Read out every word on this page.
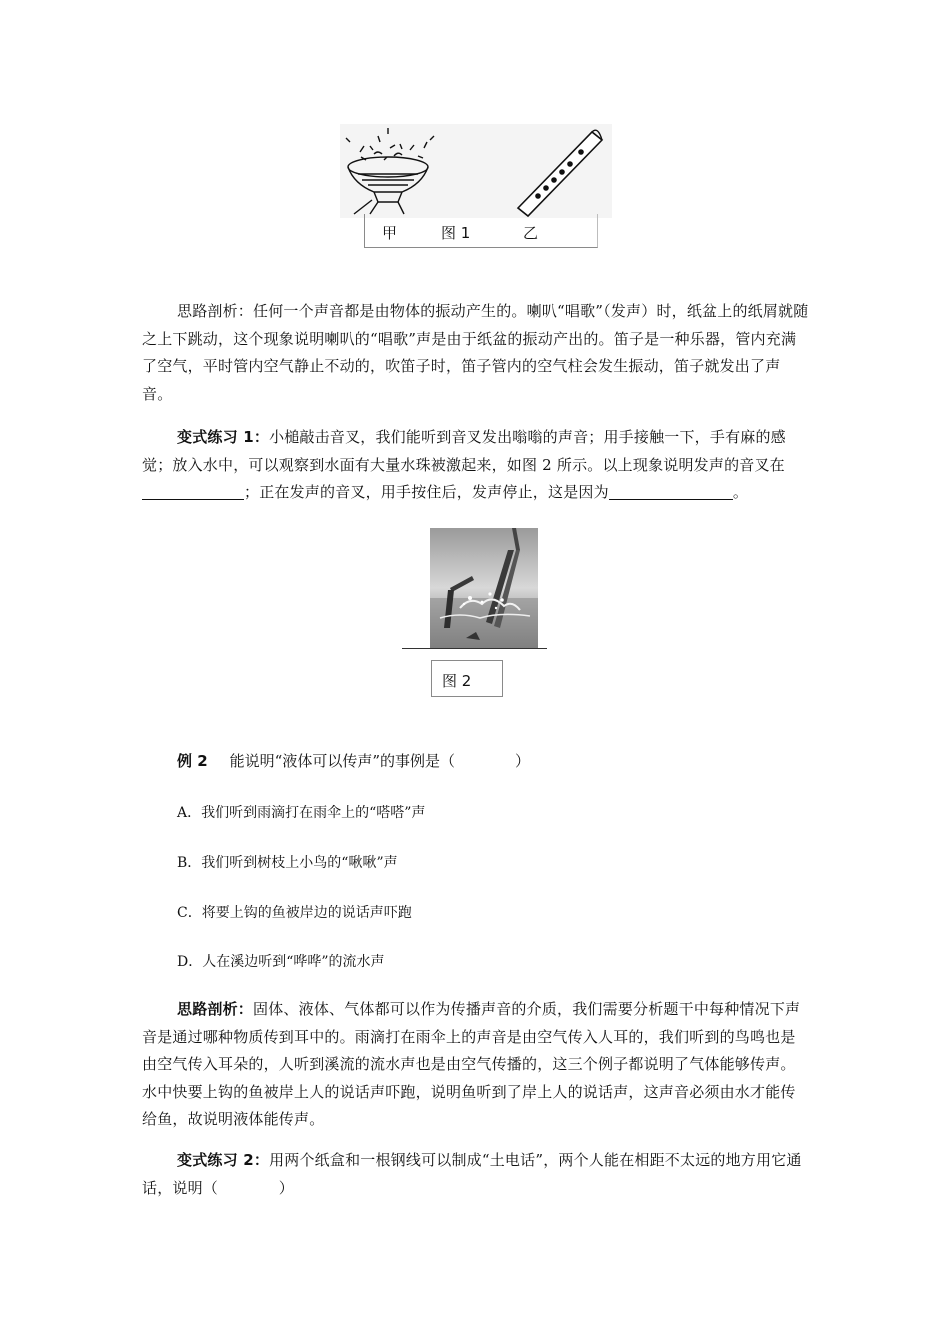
甲	图 1	乙

思路剖析：任何一个声音都是由物体的振动产生的。喇叭“唱歌”（发声）时，纸盆上的纸屑就随之上下跳动，这个现象说明喇叭的“唱歌”声是由于纸盆的振动产出的。笛子是一种乐器，管内充满了空气，平时管内空气静止不动的，吹笛子时，笛子管内的空气柱会发生振动，笛子就发出了声音。

变式练习 1：小槌敲击音叉，我们能听到音叉发出嗡嗡的声音；用手接触一下，手有麻的感觉；放入水中，可以观察到水面有大量水珠被激起来，如图 2 所示。以上现象说明发声的音叉在；正在发声的音叉，用手按住后，发声停止，这是因为	。

图 2
例 2 能说明“液体可以传声”的事例是（　　　　）
A．我们听到雨滴打在雨伞上的“嗒嗒”声
B．我们听到树枝上小鸟的“啾啾”声
C．将要上钩的鱼被岸边的说话声吓跑
D．人在溪边听到“哗哗”的流水声

思路剖析：固体、液体、气体都可以作为传播声音的介质，我们需要分析题干中每种情况下声音是通过哪种物质传到耳中的。雨滴打在雨伞上的声音是由空气传入人耳的，我们听到的鸟鸣也是由空气传入耳朵的，人听到溪流的流水声也是由空气传播的，这三个例子都说明了气体能够传声。水中快要上钩的鱼被岸上人的说话声吓跑，说明鱼听到了岸上人的说话声，这声音必须由水才能传给鱼，故说明液体能传声。

变式练习 2：用两个纸盒和一根钢线可以制成“土电话”，两个人能在相距不太远的地方用它通话，说明（　　　　）
